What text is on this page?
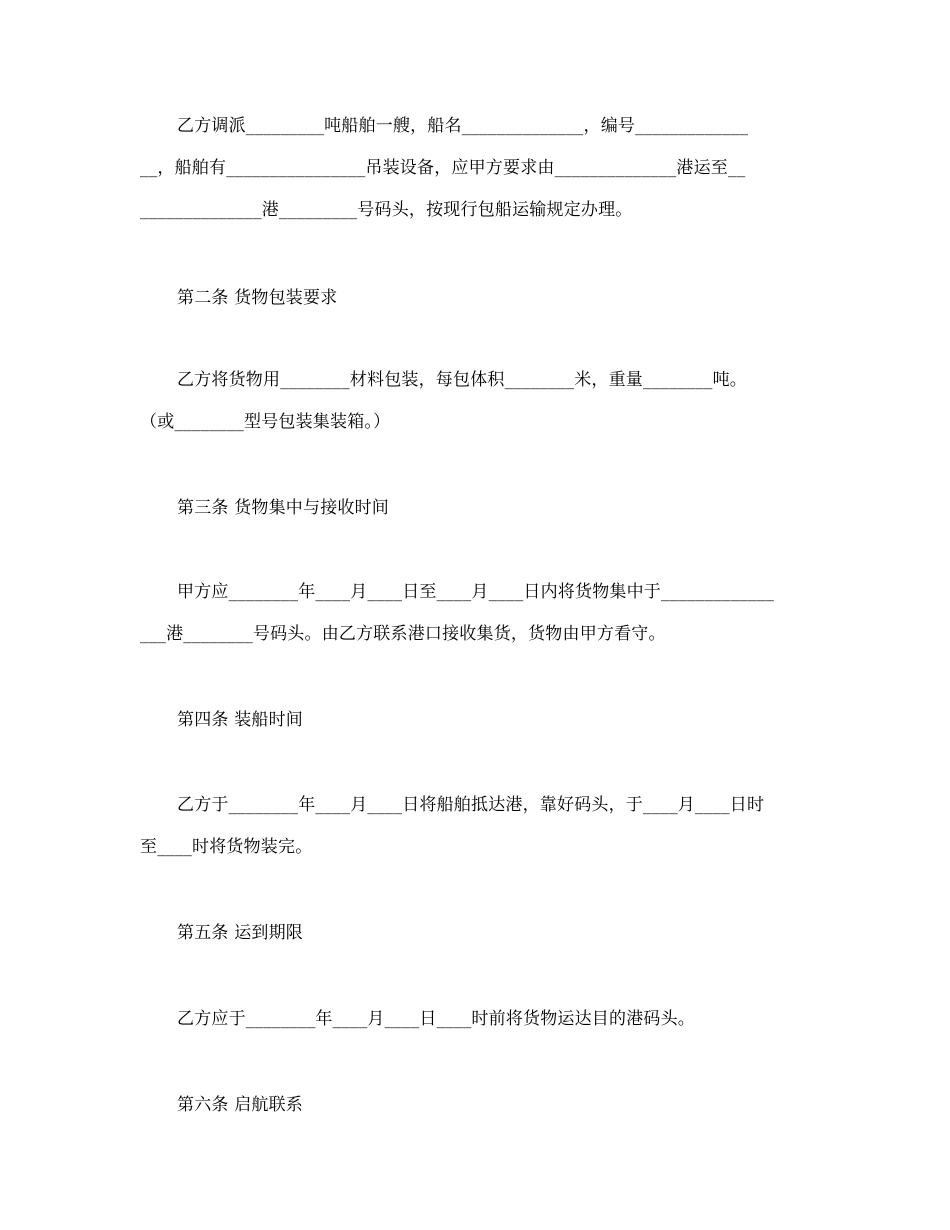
乙方调派_________吨船舶一艘，船名______________，编号_____________
__，船舶有________________吊装设备，应甲方要求由______________港运至__
______________港_________号码头，按现行包船运输规定办理。
第二条 货物包装要求
乙方将货物用________材料包装，每包体积________米，重量________吨。
（或________型号包装集装箱。）
第三条 货物集中与接收时间
甲方应________年____月____日至____月____日内将货物集中于_____________
___港________号码头。由乙方联系港口接收集货，货物由甲方看守。
第四条 装船时间
乙方于________年____月____日将船舶抵达港，靠好码头，于____月____日时
至____时将货物装完。
第五条 运到期限
乙方应于________年____月____日____时前将货物运达目的港码头。
第六条 启航联系
